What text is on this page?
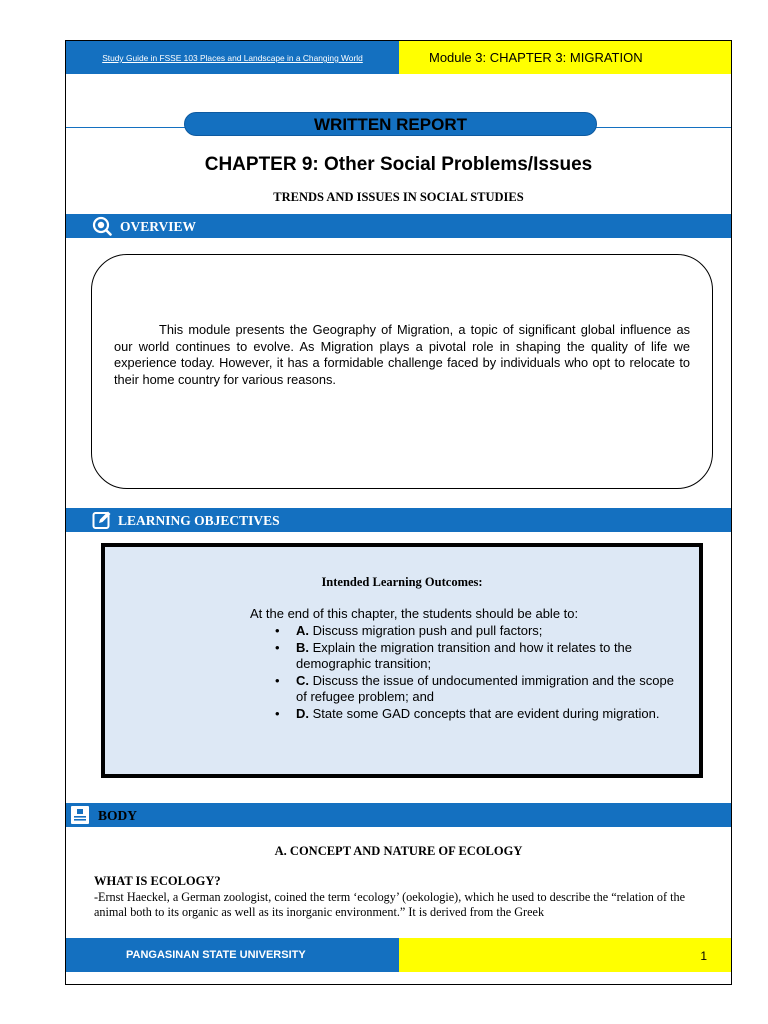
Study Guide in FSSE 103 Places and Landscape in a Changing World	Module 3: CHAPTER 3: MIGRATION
WRITTEN REPORT
CHAPTER 9: Other Social Problems/Issues
TRENDS AND ISSUES IN SOCIAL STUDIES
OVERVIEW
This module presents the Geography of Migration, a topic of significant global influence as our world continues to evolve. As Migration plays a pivotal role in shaping the quality of life we experience today. However, it has a formidable challenge faced by individuals who opt to relocate to their home country for various reasons.
LEARNING OBJECTIVES
Intended Learning Outcomes:
At the end of this chapter, the students should be able to:
• A. Discuss migration push and pull factors;
• B. Explain the migration transition and how it relates to the demographic transition;
• C. Discuss the issue of undocumented immigration and the scope of refugee problem; and
• D. State some GAD concepts that are evident during migration.
BODY
A. CONCEPT AND NATURE OF ECOLOGY
WHAT IS ECOLOGY?
-Ernst Haeckel, a German zoologist, coined the term ‘ecology’ (oekologie), which he used to describe the “relation of the animal both to its organic as well as its inorganic environment.” It is derived from the Greek
PANGASINAN STATE UNIVERSITY	1
